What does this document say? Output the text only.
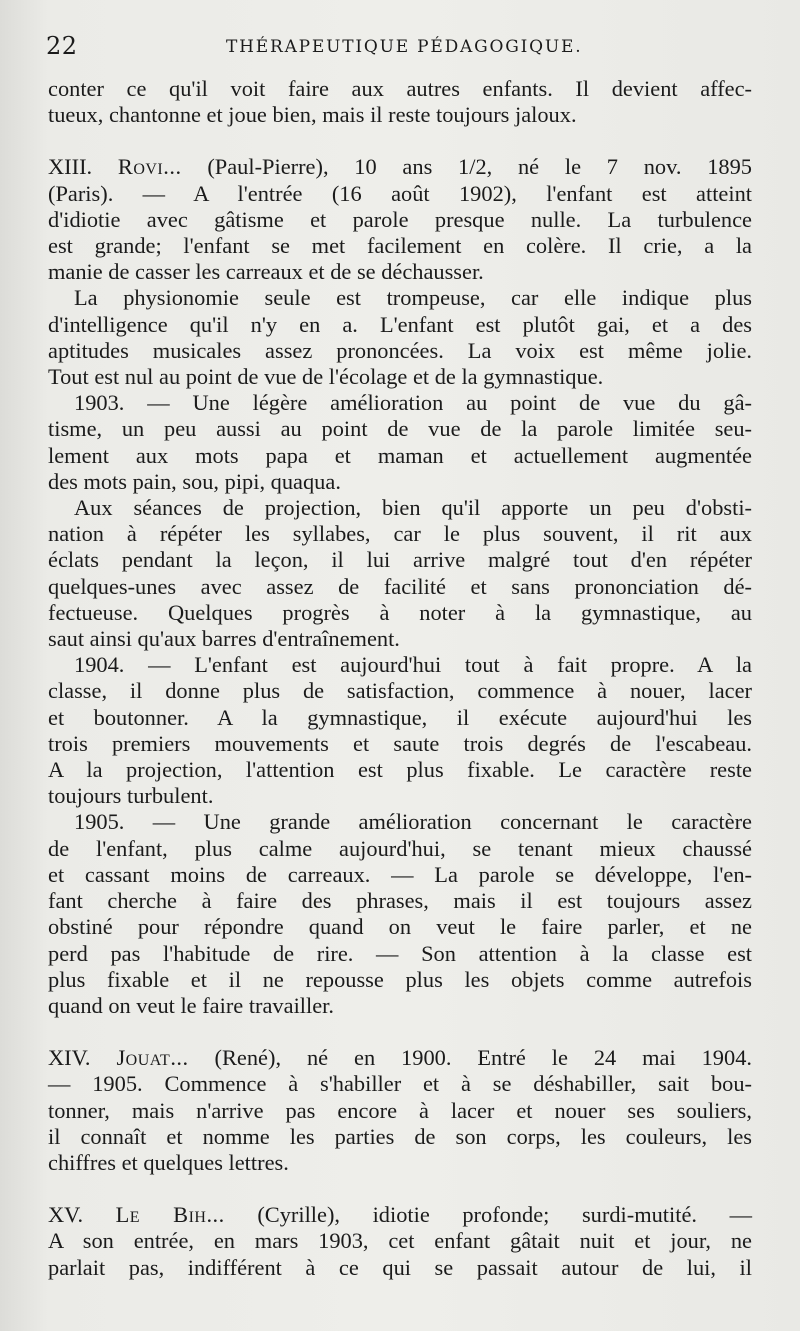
22	THÉRAPEUTIQUE PÉDAGOGIQUE.

conter ce qu'il voit faire aux autres enfants. Il devient affec-
tueux, chantonne et joue bien, mais il reste toujours jaloux.

XIII. Rovi... (Paul-Pierre), 10 ans 1/2, né le 7 nov. 1895
(Paris). — A l'entrée (16 août 1902), l'enfant est atteint
d'idiotie avec gâtisme et parole presque nulle. La turbulence
est grande; l'enfant se met facilement en colère. Il crie, a la
manie de casser les carreaux et de se déchausser.

La physionomie seule est trompeuse, car elle indique plus
d'intelligence qu'il n'y en a. L'enfant est plutôt gai, et a des
aptitudes musicales assez prononcées. La voix est même jolie.
Tout est nul au point de vue de l'écolage et de la gymnastique.

1903. — Une légère amélioration au point de vue du gâ-
tisme, un peu aussi au point de vue de la parole limitée seu-
lement aux mots papa et maman et actuellement augmentée
des mots pain, sou, pipi, quaqua.

Aux séances de projection, bien qu'il apporte un peu d'obsti-
nation à répéter les syllabes, car le plus souvent, il rit aux
éclats pendant la leçon, il lui arrive malgré tout d'en répéter
quelques-unes avec assez de facilité et sans prononciation dé-
fectueuse. Quelques progrès à noter à la gymnastique, au
saut ainsi qu'aux barres d'entraînement.

1904. — L'enfant est aujourd'hui tout à fait propre. A la
classe, il donne plus de satisfaction, commence à nouer, lacer
et boutonner. A la gymnastique, il exécute aujourd'hui les
trois premiers mouvements et saute trois degrés de l'escabeau.
A la projection, l'attention est plus fixable. Le caractère reste
toujours turbulent.

1905. — Une grande amélioration concernant le caractère
de l'enfant, plus calme aujourd'hui, se tenant mieux chaussé
et cassant moins de carreaux. — La parole se développe, l'en-
fant cherche à faire des phrases, mais il est toujours assez
obstiné pour répondre quand on veut le faire parler, et ne
perd pas l'habitude de rire. — Son attention à la classe est
plus fixable et il ne repousse plus les objets comme autrefois
quand on veut le faire travailler.

XIV. Jouat... (René), né en 1900. Entré le 24 mai 1904.
— 1905. Commence à s'habiller et à se déshabiller, sait bou-
tonner, mais n'arrive pas encore à lacer et nouer ses souliers,
il connaît et nomme les parties de son corps, les couleurs, les
chiffres et quelques lettres.

XV. Le Bih... (Cyrille), idiotie profonde; surdi-mutité. —
A son entrée, en mars 1903, cet enfant gâtait nuit et jour, ne
parlait pas, indifférent à ce qui se passait autour de lui, il
